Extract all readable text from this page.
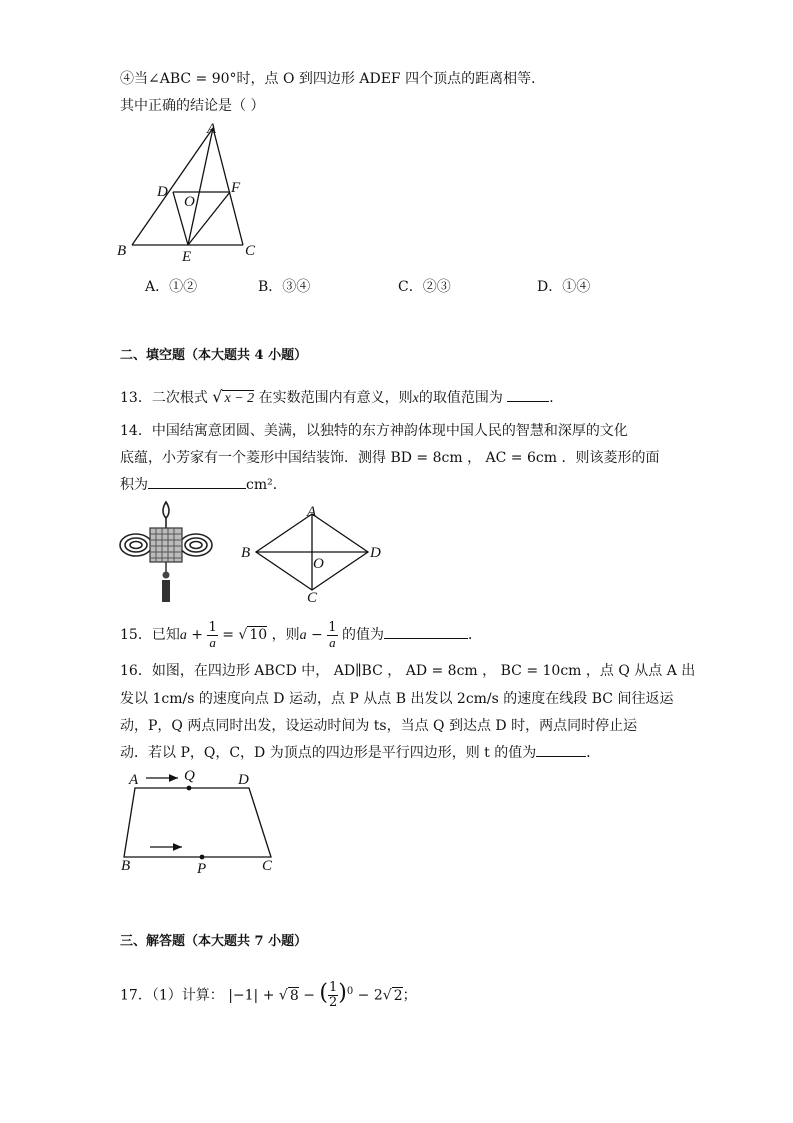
④当∠ABC = 90°时，点 O 到四边形 ADEF 四个顶点的距离相等．
其中正确的结论是（ ）
A
B	C
D
E
F
O
A．①②	B．③④	C．②③	D．①④
二、填空题（本大题共 4 小题）
13．二次根式 √ x − 2 在实数范围内有意义，则x的取值范围为	．
14．中国结寓意团圆、美满，以独特的东方神韵体现中国人民的智慧和深厚的文化
底蕴，小芳家有一个菱形中国结装饰．测得 BD = 8cm ， AC = 6cm ．则该菱形的面
积为	cm²．
A
B
C
D
O
15．已知$a + \frac{1}{a}$ = √ 10 ，则$a - \frac{1}{a}$ 的值为	．
16．如图，在四边形 ABCD 中， AD∥BC ， AD = 8cm ， BC = 10cm ，点 Q 从点 A 出
发以 1cm/s 的速度向点 D 运动，点 P 从点 B 出发以 2cm/s 的速度在线段 BC 间往返运
动，P，Q 两点同时出发，设运动时间为 ts，当点 Q 到达点 D 时，两点同时停止运
动．若以 P，Q，C，D 为顶点的四边形是平行四边形，则 t 的值为	．
A	Q	D
B	P	C
三、解答题（本大题共 7 小题）
17．（1）计算： |−1| + √ 8 − ( $\frac{1}{2} )^0 - 2√$ 2；
